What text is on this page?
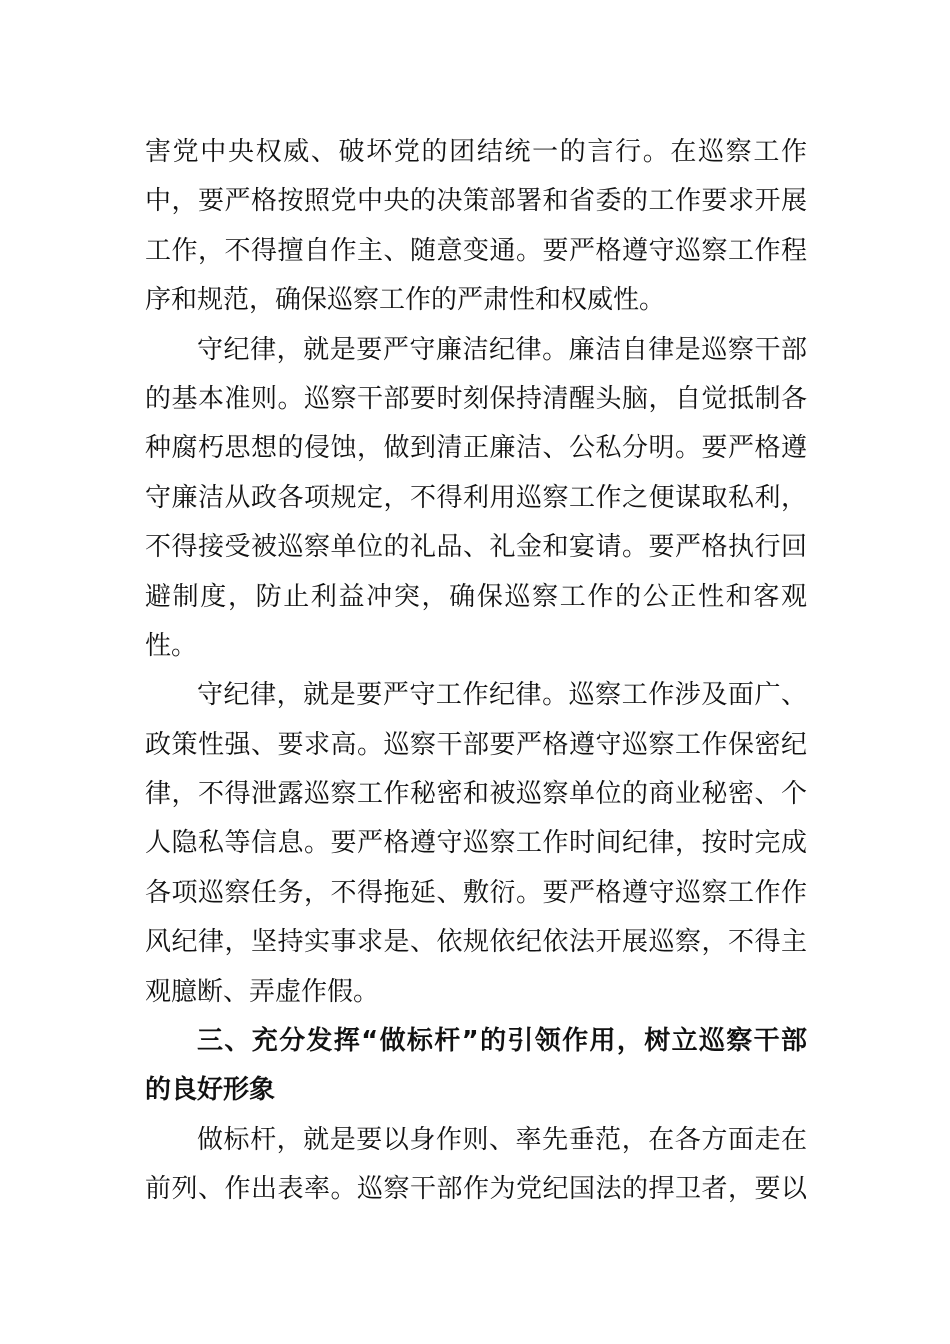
害党中央权威、破坏党的团结统一的言行。在巡察工作
中，要严格按照党中央的决策部署和省委的工作要求开展
工作，不得擅自作主、随意变通。要严格遵守巡察工作程
序和规范，确保巡察工作的严肃性和权威性。
守纪律，就是要严守廉洁纪律。廉洁自律是巡察干部
的基本准则。巡察干部要时刻保持清醒头脑，自觉抵制各
种腐朽思想的侵蚀，做到清正廉洁、公私分明。要严格遵
守廉洁从政各项规定，不得利用巡察工作之便谋取私利，
不得接受被巡察单位的礼品、礼金和宴请。要严格执行回
避制度，防止利益冲突，确保巡察工作的公正性和客观
性。
守纪律，就是要严守工作纪律。巡察工作涉及面广、
政策性强、要求高。巡察干部要严格遵守巡察工作保密纪
律，不得泄露巡察工作秘密和被巡察单位的商业秘密、个
人隐私等信息。要严格遵守巡察工作时间纪律，按时完成
各项巡察任务，不得拖延、敷衍。要严格遵守巡察工作作
风纪律，坚持实事求是、依规依纪依法开展巡察，不得主
观臆断、弄虚作假。
三、充分发挥“做标杆”的引领作用，树立巡察干部
的良好形象
做标杆，就是要以身作则、率先垂范，在各方面走在
前列、作出表率。巡察干部作为党纪国法的捍卫者，要以
